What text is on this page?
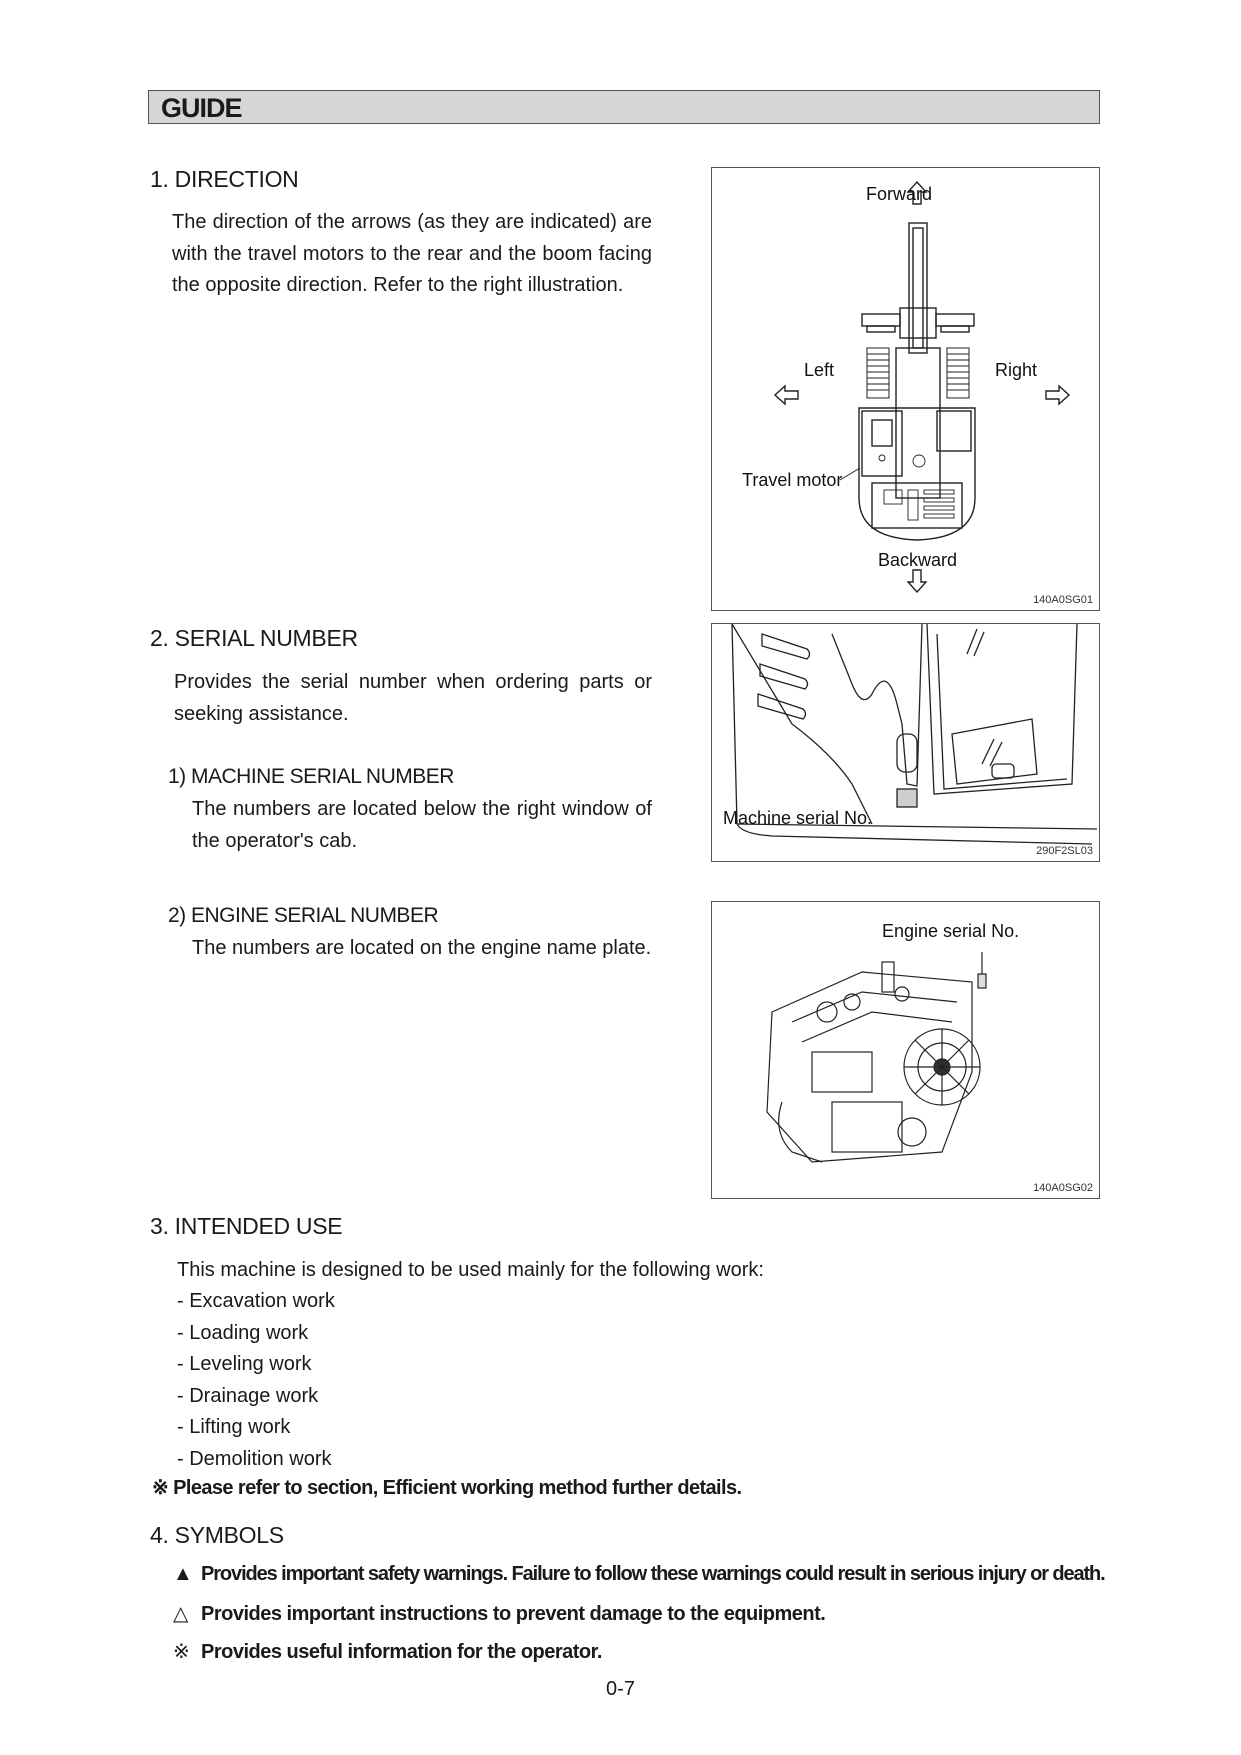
GUIDE
1. DIRECTION
The direction of the arrows (as they are indicated) are with the travel motors to the rear and the boom facing the opposite direction. Refer to the right illustration.
Forward
Left	Right
Travel motor
Backward
140A0SG01
2. SERIAL NUMBER
Provides the serial number when ordering parts or seeking assistance.
1) MACHINE SERIAL NUMBER
The numbers are located below the right window of the operator's cab.
Machine serial No.
290F2SL03
2) ENGINE SERIAL NUMBER
The numbers are located on the engine name plate.
Engine serial No.
140A0SG02
3. INTENDED USE
This machine is designed to be used mainly for the following work:
- Excavation work
- Loading work
- Leveling work
- Drainage work
- Lifting work
- Demolition work
※ Please refer to section, Efficient working method further details.
4. SYMBOLS
▲ Provides important safety warnings. Failure to follow these warnings could result in serious injury or death.
△ Provides important instructions to prevent damage to the equipment.
※ Provides useful information for the operator.
0-7
